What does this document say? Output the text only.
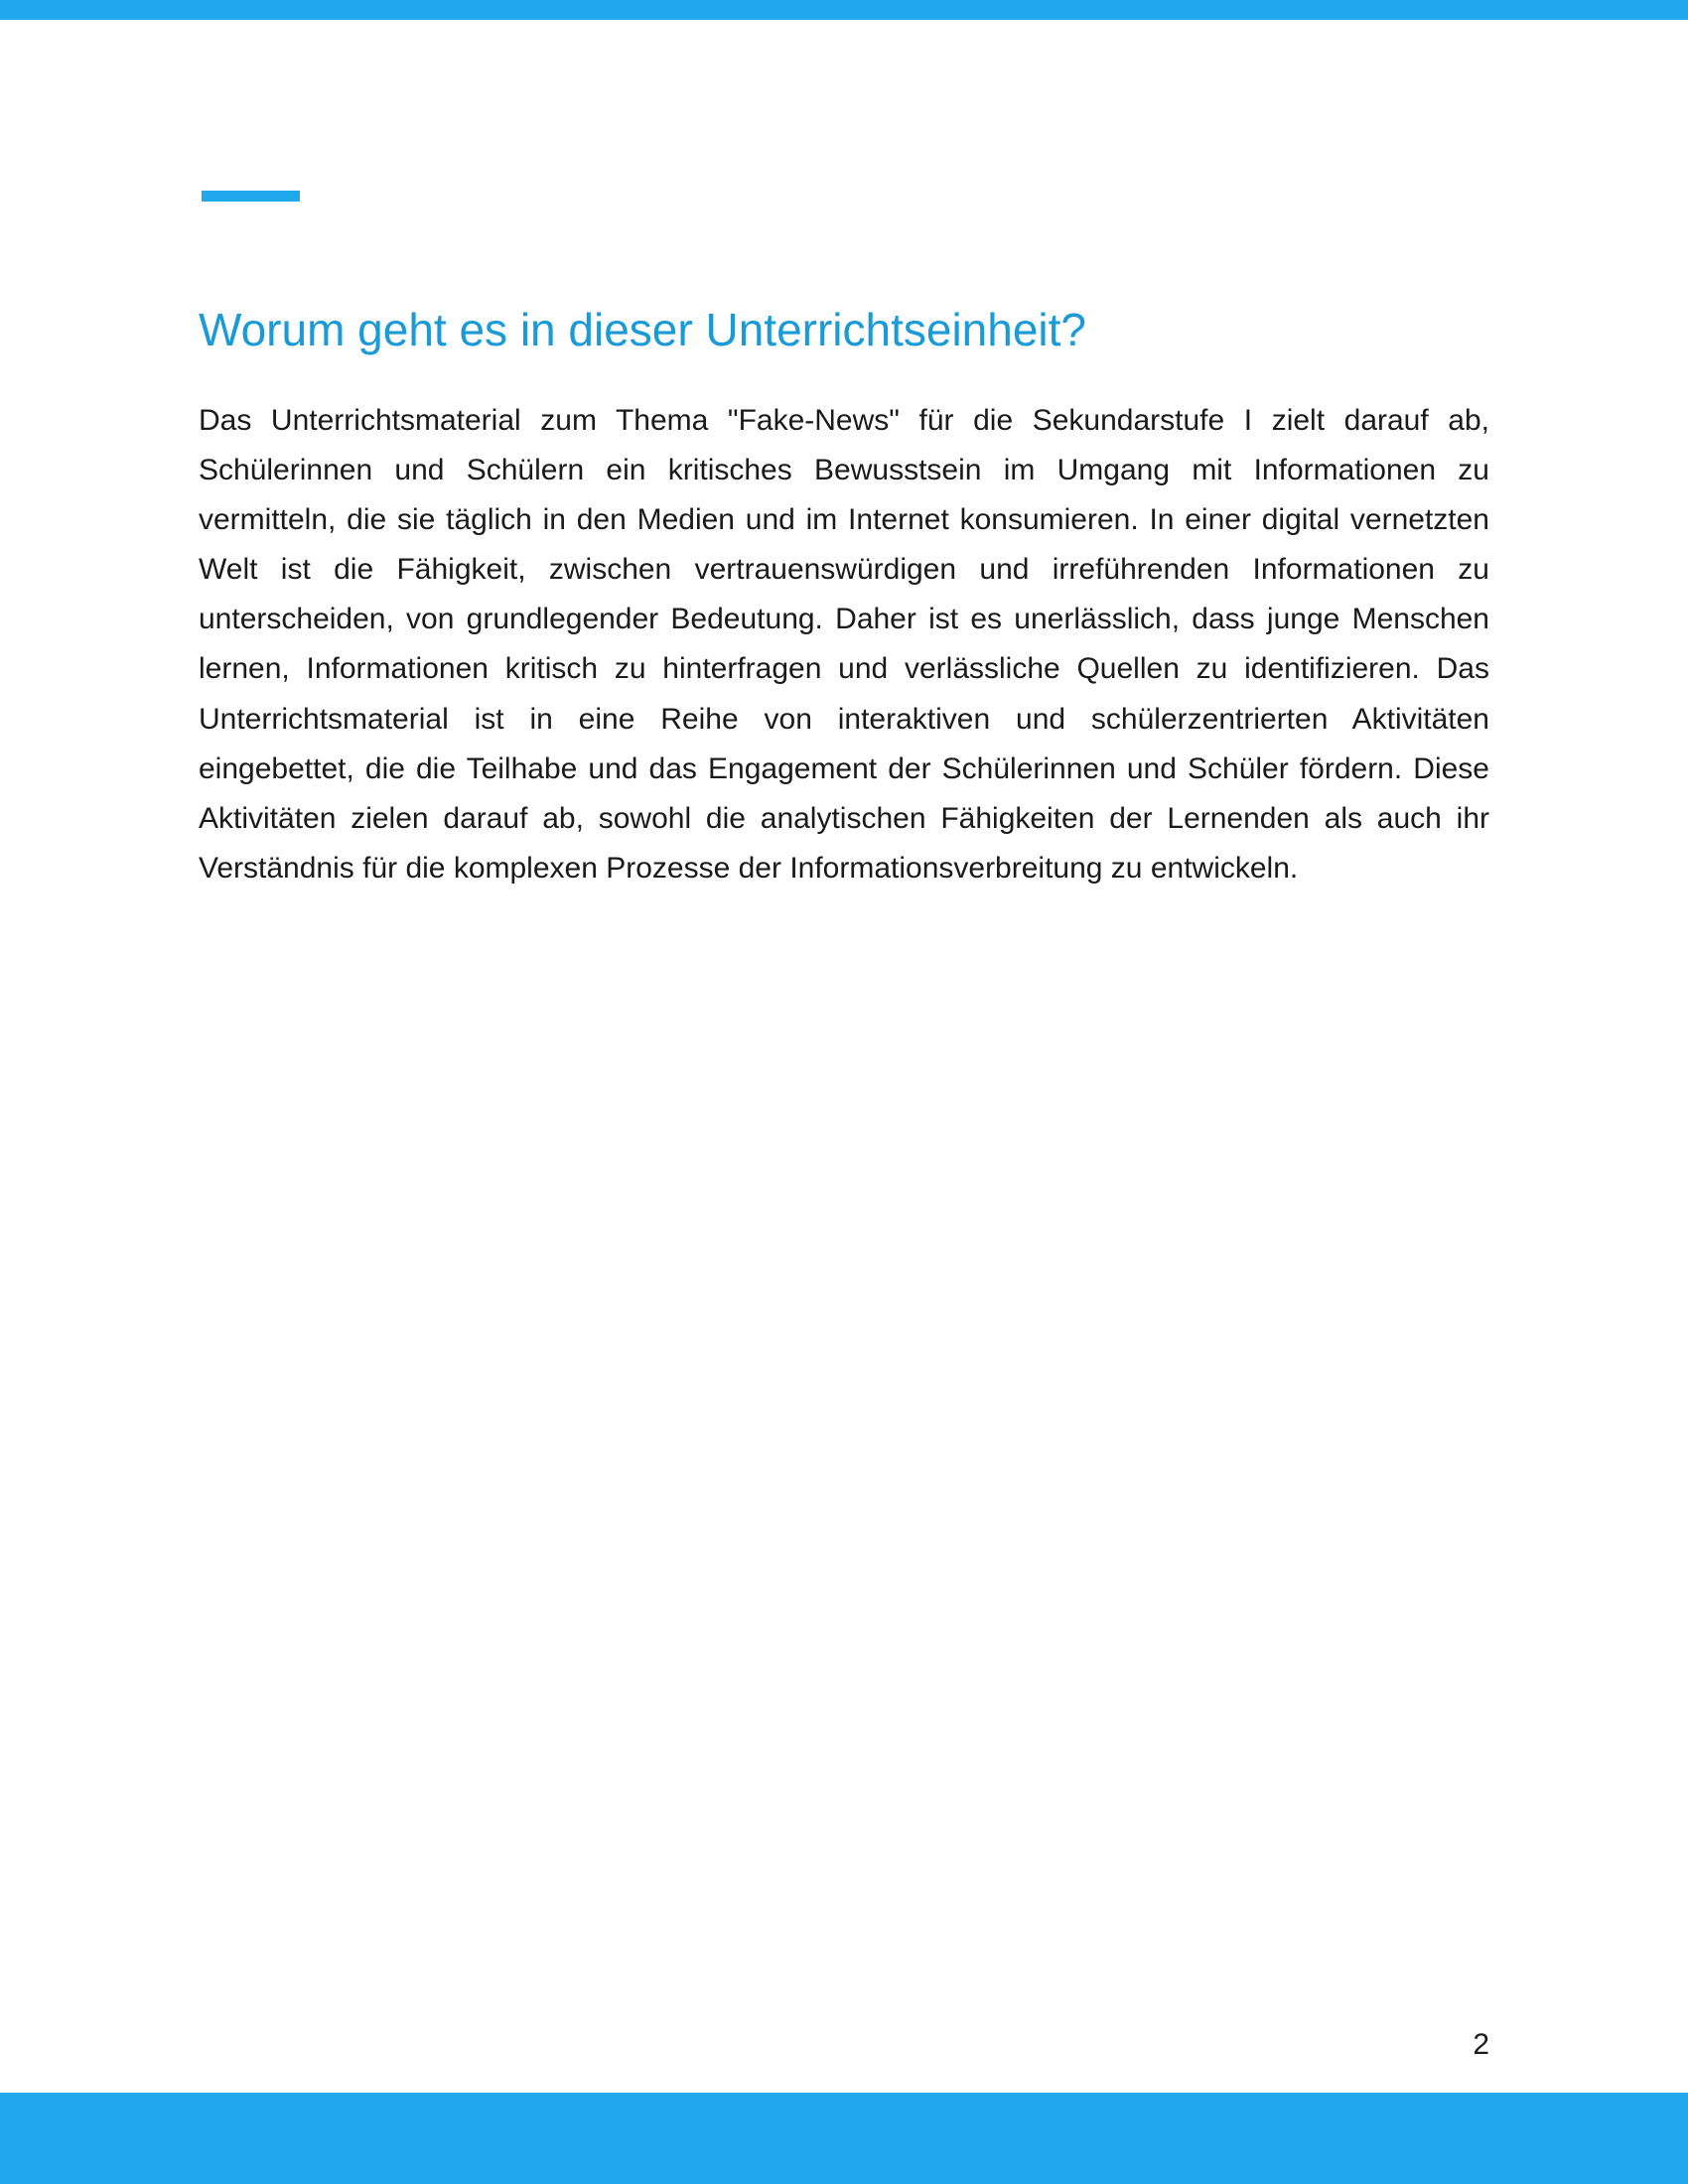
Worum geht es in dieser Unterrichtseinheit?

Das Unterrichtsmaterial zum Thema "Fake-News" für die Sekundarstufe I zielt darauf ab, Schülerinnen und Schülern ein kritisches Bewusstsein im Umgang mit Informationen zu vermitteln, die sie täglich in den Medien und im Internet konsumieren. In einer digital vernetzten Welt ist die Fähigkeit, zwischen vertrauenswürdigen und irreführenden Informationen zu unterscheiden, von grundlegender Bedeutung. Daher ist es unerlässlich, dass junge Menschen lernen, Informationen kritisch zu hinterfragen und verlässliche Quellen zu identifizieren. Das Unterrichtsmaterial ist in eine Reihe von interaktiven und schülerzentrierten Aktivitäten eingebettet, die die Teilhabe und das Engagement der Schülerinnen und Schüler fördern. Diese Aktivitäten zielen darauf ab, sowohl die analytischen Fähigkeiten der Lernenden als auch ihr Verständnis für die komplexen Prozesse der Informationsverbreitung zu entwickeln.

2
